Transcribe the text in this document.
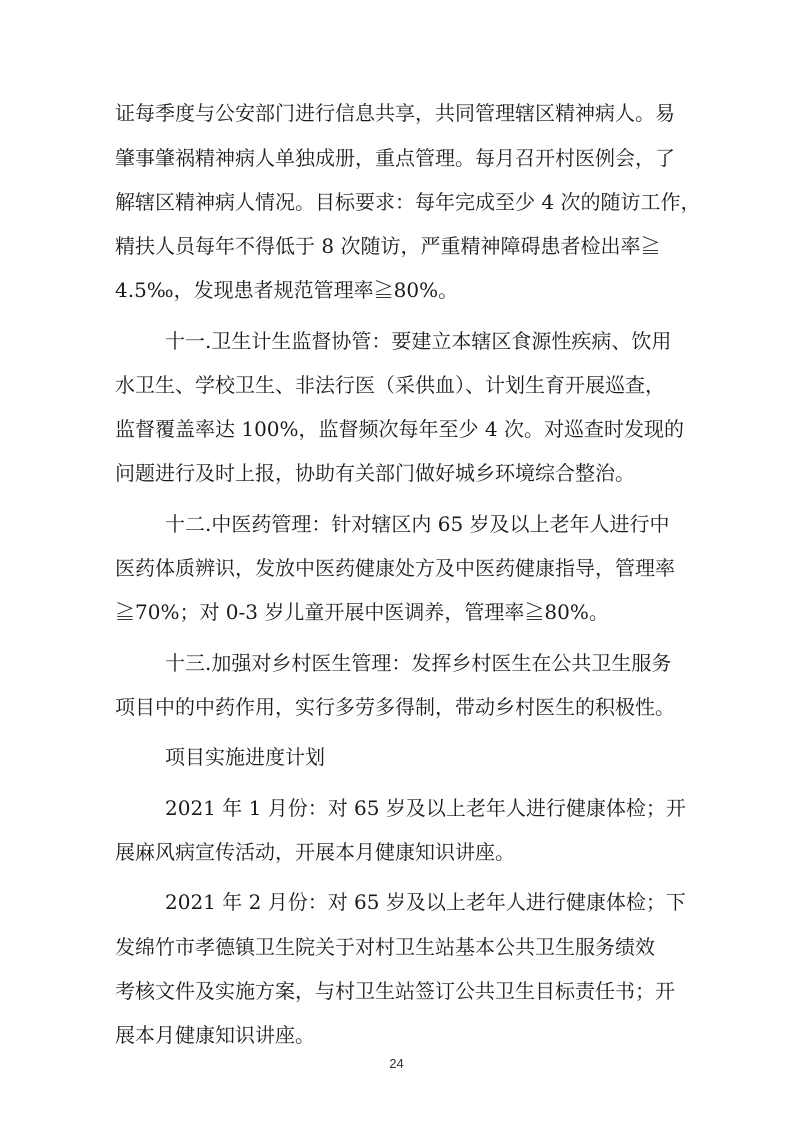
证每季度与公安部门进行信息共享，共同管理辖区精神病人。易
肇事肇祸精神病人单独成册，重点管理。每月召开村医例会，了
解辖区精神病人情况。目标要求：每年完成至少 4 次的随访工作，
精扶人员每年不得低于 8 次随访，严重精神障碍患者检出率≧
4.5‰，发现患者规范管理率≧80%。
十一.卫生计生监督协管：要建立本辖区食源性疾病、饮用
水卫生、学校卫生、非法行医（采供血）、计划生育开展巡查，
监督覆盖率达 100%，监督频次每年至少 4 次。对巡查时发现的
问题进行及时上报，协助有关部门做好城乡环境综合整治。
十二.中医药管理：针对辖区内 65 岁及以上老年人进行中
医药体质辨识，发放中医药健康处方及中医药健康指导，管理率
≧70%；对 0-3 岁儿童开展中医调养，管理率≧80%。
十三.加强对乡村医生管理：发挥乡村医生在公共卫生服务
项目中的中药作用，实行多劳多得制，带动乡村医生的积极性。
项目实施进度计划
2021 年 1 月份：对 65 岁及以上老年人进行健康体检；开
展麻风病宣传活动，开展本月健康知识讲座。
2021 年 2 月份：对 65 岁及以上老年人进行健康体检；下
发绵竹市孝德镇卫生院关于对村卫生站基本公共卫生服务绩效
考核文件及实施方案，与村卫生站签订公共卫生目标责任书；开
展本月健康知识讲座。
24
